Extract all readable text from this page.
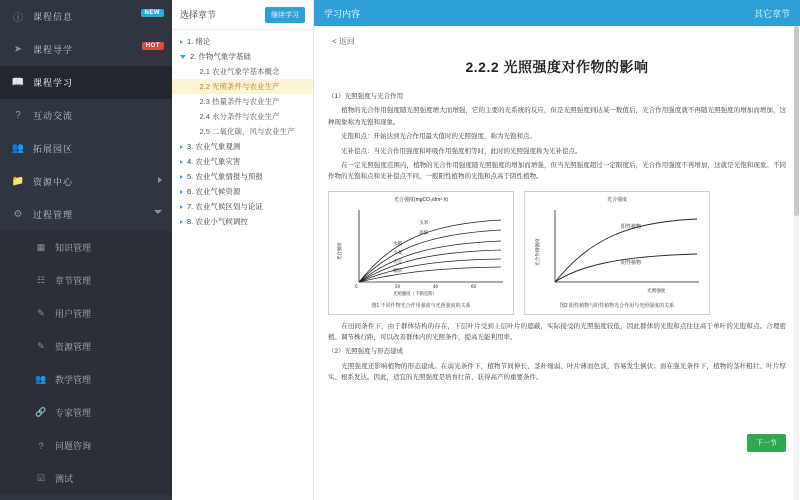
ⓘ	课程信息	NEW
➤	课程导学	HOT
📖 课程学习
?	互动交流
👥 拓展园区
📁 资源中心
⚙	过程管理
▦	知识管理
☷	章节管理
✎	用户管理
✎	资源管理
👥 教学管理
🔗 专家管理
?	问题咨询
☑	测试
选择章节	继续学习
1. 绪论
2. 作物气象学基础
2.1 农业气象学基本概念
2.2 光照条件与农业生产
2.3 热量条件与农业生产
2.4 水分条件与农业生产
2.5 二氧化碳、风与农业生产
3. 农业气象观测
4. 农业气象灾害
5. 农业气象情报与预报
6. 农业气候资源
7. 农业气候区划与论证
8. 农业小气候调控
学习内容	其它章节
< 返回
2.2.2 光照强度对作物的影响

（1）光照强度与光合作用

　　植物的光合作用强度随光照强度增大而增强，它的主要的光系统的反应，但是光照强度到达某一数值后，光合作用强度就不再随光照强度的增加而增加，这种现象称为光饱和现象。

　　光饱和点：开始达到光合作用最大值时的光照强度，称为光饱和点。

　　光补偿点：当光合作用强度和呼吸作用强度相等时，此时的光照强度称为光补偿点。

　　在一定光照强度范围内，植物的光合作用强度随光照强度的增加而增强，但当光照强度超过一定限度后，光合作用强度不再增加，这就是光饱和现象。不同作物的光饱和点和光补偿点不同，一般阳性植物的光饱和点高于阴性植物。

光合强度(mgCO₂/dm²·h)
玉米
高粱
水稻
小麦
大豆
烟草
0	20	40	60
光照强度（千勒克斯）
光合强度
图1 不同作物光合作用强度与光照强度的关系
光合强度
阳性植物
阴性植物
光照强度
光合作用强度
图2 阳性植物与阴性植物光合作用与光照强度的关系

　　在田间条件下，由于群体结构的存在，下层叶片受到上层叶片的遮蔽，实际接受的光照强度较低，因此群体的光饱和点往往高于单叶的光饱和点。合理密植、调节株行距，可以改善群体内的光照条件，提高光能利用率。

（2）光照强度与形态建成

　　光照强度还影响植物的形态建成。在弱光条件下，植物节间伸长、茎秆细弱、叶片薄而色淡，容易发生倒伏；而在强光条件下，植物的茎秆粗壮、叶片厚实、根系发达。因此，适宜的光照强度是培育壮苗、获得高产的重要条件。

下一节
